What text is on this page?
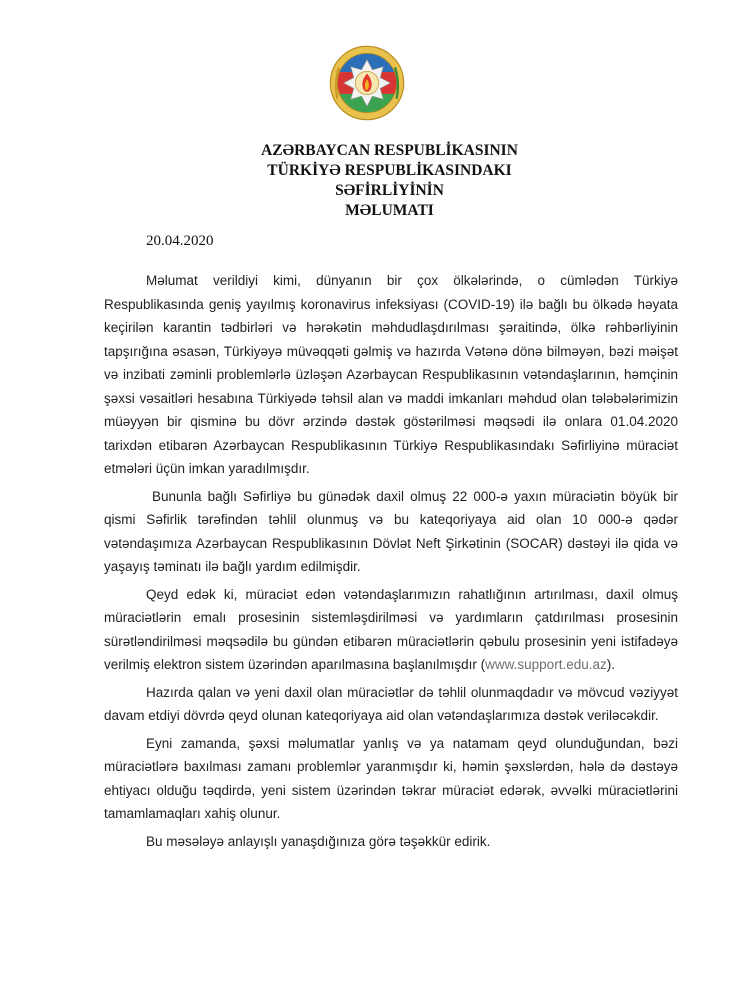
AZƏRBAYCAN RESPUBLİKASININ
TÜRKİYƏ RESPUBLİKASINDAKI
SƏFİRLİYİNİN
MƏLUMATI
20.04.2020

Məlumat verildiyi kimi, dünyanın bir çox ölkələrində, o cümlədən Türkiyə Respublikasında geniş yayılmış koronavirus infeksiyası (COVID-19) ilə bağlı bu ölkədə həyata keçirilən karantin tədbirləri və hərəkətin məhdudlaşdırılması şəraitində, ölkə rəhbərliyinin tapşırığına əsasən, Türkiyəyə müvəqqəti gəlmiş və hazırda Vətənə dönə bilməyən, bəzi məişət və inzibati zəminli problemlərlə üzləşən Azərbaycan Respublikasının vətəndaşlarının, həmçinin şəxsi vəsaitləri hesabına Türkiyədə təhsil alan və maddi imkanları məhdud olan tələbələrimizin müəyyən bir qisminə bu dövr ərzində dəstək göstərilməsi məqsədi ilə onlara 01.04.2020 tarixdən etibarən Azərbaycan Respublikasının Türkiyə Respublikasındakı Səfirliyinə müraciət etmələri üçün imkan yaradılmışdır.

Bununla bağlı Səfirliyə bu günədək daxil olmuş 22 000-ə yaxın müraciətin böyük bir qismi Səfirlik tərəfindən təhlil olunmuş və bu kateqoriyaya aid olan 10 000-ə qədər vətəndaşımıza Azərbaycan Respublikasının Dövlət Neft Şirkətinin (SOCAR) dəstəyi ilə qida və yaşayış təminatı ilə bağlı yardım edilmişdir.

Qeyd edək ki, müraciət edən vətəndaşlarımızın rahatlığının artırılması, daxil olmuş müraciətlərin emalı prosesinin sistemləşdirilməsi və yardımların çatdırılması prosesinin sürətləndirilməsi məqsədilə bu gündən etibarən müraciətlərin qəbulu prosesinin yeni istifadəyə verilmiş elektron sistem üzərindən aparılmasına başlanılmışdır (www.support.edu.az).

Hazırda qalan və yeni daxil olan müraciətlər də təhlil olunmaqdadır və mövcud vəziyyət davam etdiyi dövrdə qeyd olunan kateqoriyaya aid olan vətəndaşlarımıza dəstək veriləcəkdir.

Eyni zamanda, şəxsi məlumatlar yanlış və ya natamam qeyd olunduğundan, bəzi müraciətlərə baxılması zamanı problemlər yaranmışdır ki, həmin şəxslərdən, hələ də dəstəyə ehtiyacı olduğu təqdirdə, yeni sistem üzərindən təkrar müraciət edərək, əvvəlki müraciətlərini tamamlamaqları xahiş olunur.

Bu məsələyə anlayışlı yanaşdığınıza görə təşəkkür edirik.
